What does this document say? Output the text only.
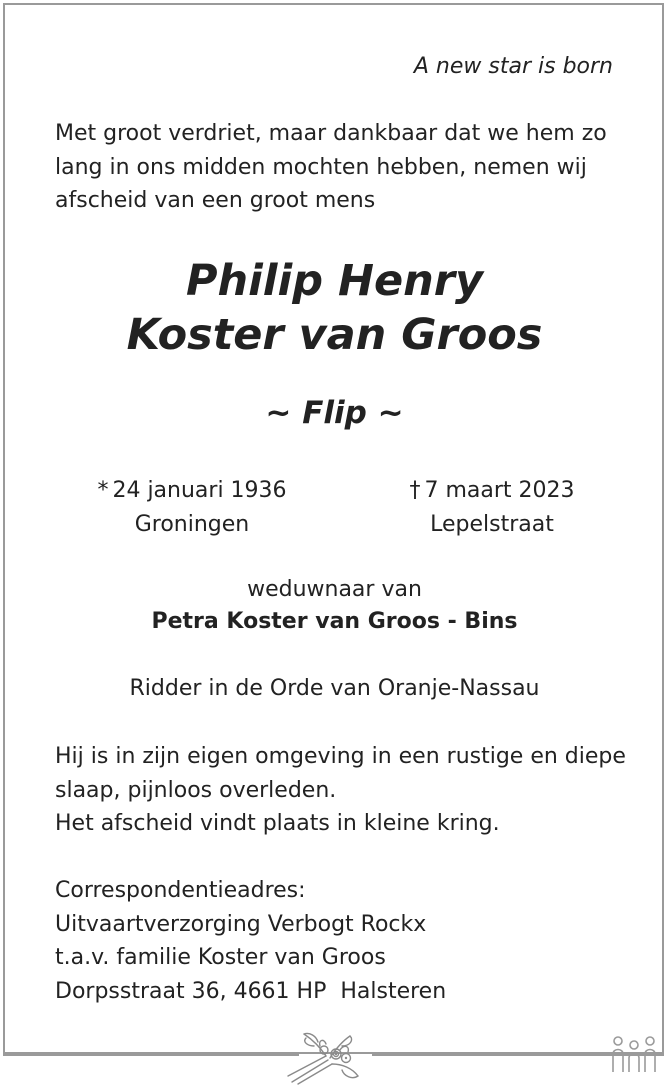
A new star is born
Met groot verdriet, maar dankbaar dat we hem zo
lang in ons midden mochten hebben, nemen wij
afscheid van een groot mens
Philip Henry
Koster van Groos
~ Flip ~
* 24 januari 1936
Groningen
† 7 maart 2023
Lepelstraat
weduwnaar van
Petra Koster van Groos - Bins
Ridder in de Orde van Oranje-Nassau
Hij is in zijn eigen omgeving in een rustige en diepe
slaap, pijnloos overleden.
Het afscheid vindt plaats in kleine kring.
Correspondentieadres:
Uitvaartverzorging Verbogt Rockx
t.a.v. familie Koster van Groos
Dorpsstraat 36, 4661 HP Halsteren
